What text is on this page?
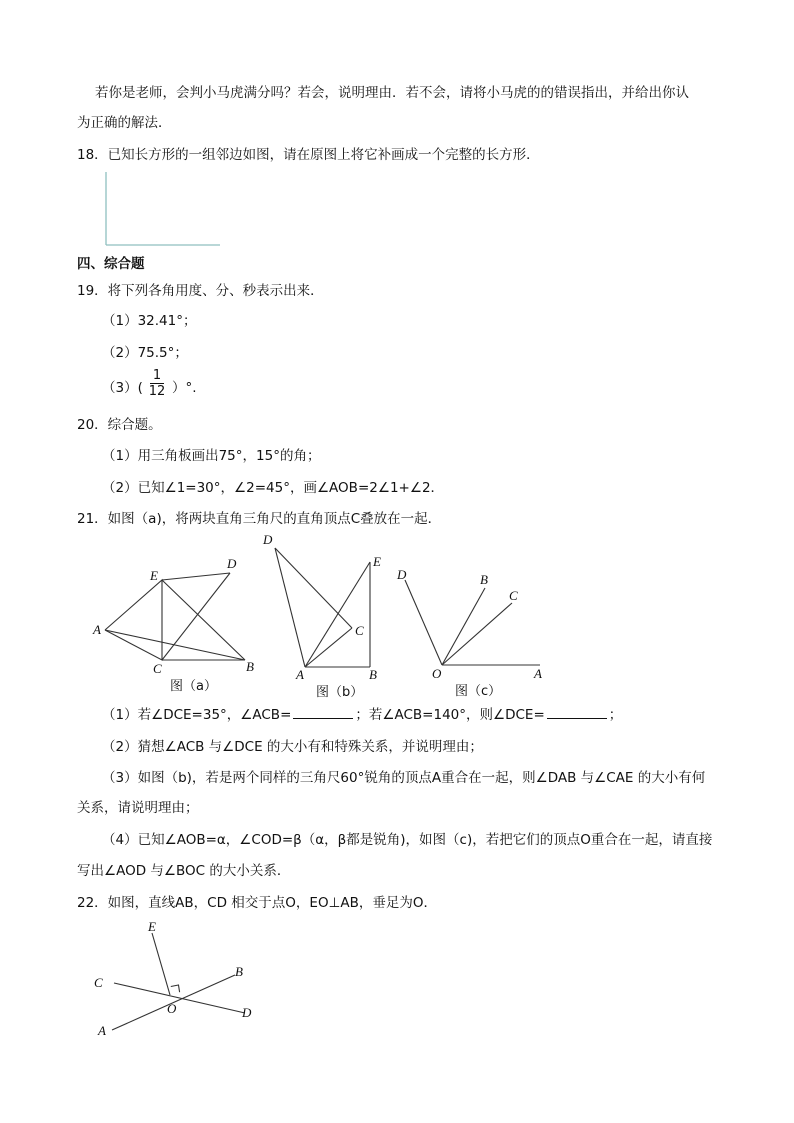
若你是老师，会判小马虎满分吗？若会，说明理由．若不会，请将小马虎的的错误指出，并给出你认
为正确的解法．
18．已知长方形的一组邻边如图，请在原图上将它补画成一个完整的长方形．
四、综合题
19．将下列各角用度、分、秒表示出来．
（1）32.41°；
（2）75.5°；
（3）(
1
12 ）°.
20．综合题。
（1）用三角板画出75°，15°的角；
（2）已知∠1=30°，∠2=45°，画∠AOB=2∠1+∠2．
21．如图（a)，将两块直角三角尺的直角顶点C叠放在一起．
E
D
A
C	B
图（a）
D
E
C
A	B
图（b）
D	B
C
O	A
图（c）
（1）若∠DCE=35°，∠ACB=	；若∠ACB=140°，则∠DCE=	；
（2）猜想∠ACB 与∠DCE 的大小有和特殊关系，并说明理由；
（3）如图（b)，若是两个同样的三角尺60°锐角的顶点A重合在一起，则∠DAB 与∠CAE 的大小有何
关系，请说明理由；
（4）已知∠AOB=α，∠COD=β（α，β都是锐角)，如图（c)，若把它们的顶点O重合在一起，请直接
写出∠AOD 与∠BOC 的大小关系．
22．如图，直线AB，CD 相交于点O，EO⊥AB，垂足为O．
E
B
C
O	D
A
